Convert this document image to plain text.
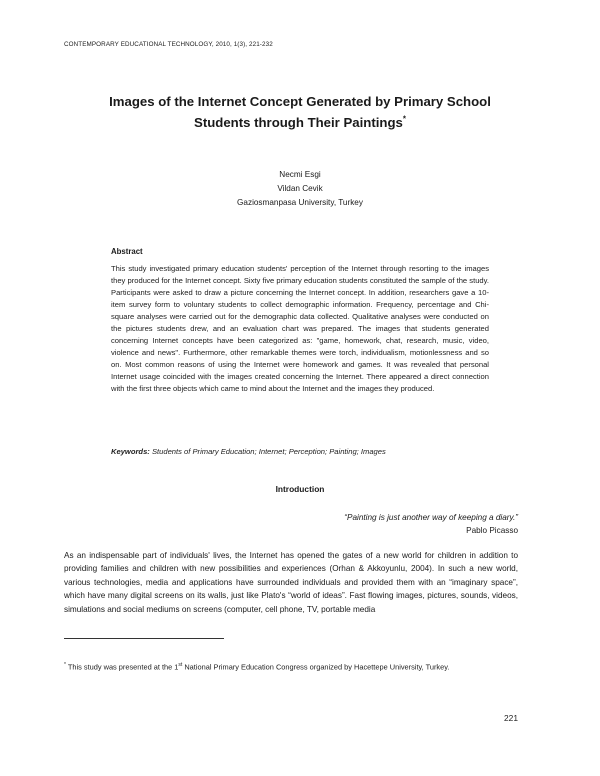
CONTEMPORARY EDUCATIONAL TECHNOLOGY, 2010, 1(3), 221-232
Images of the Internet Concept Generated by Primary School
Students through Their Paintings*
Necmi Esgi
Vildan Cevik
Gaziosmanpasa University, Turkey
Abstract
This study investigated primary education students' perception of the Internet through resorting to the images they produced for the Internet concept. Sixty five primary education students constituted the sample of the study. Participants were asked to draw a picture concerning the Internet concept. In addition, researchers gave a 10-item survey form to voluntary students to collect demographic information. Frequency, percentage and Chi-square analyses were carried out for the demographic data collected. Qualitative analyses were conducted on the pictures students drew, and an evaluation chart was prepared. The images that students generated concerning Internet concepts have been categorized as: "game, homework, chat, research, music, video, violence and news". Furthermore, other remarkable themes were torch, individualism, motionlessness and so on. Most common reasons of using the Internet were homework and games. It was revealed that personal Internet usage coincided with the images created concerning the Internet. There appeared a direct connection with the first three objects which came to mind about the Internet and the images they produced.
Keywords: Students of Primary Education; Internet; Perception; Painting; Images
Introduction
“Painting is just another way of keeping a diary.”
Pablo Picasso
As an indispensable part of individuals' lives, the Internet has opened the gates of a new world for children in addition to providing families and children with new possibilities and experiences (Orhan & Akkoyunlu, 2004). In such a new world, various technologies, media and applications have surrounded individuals and provided them with an “imaginary space”, which have many digital screens on its walls, just like Plato's “world of ideas”. Fast flowing images, pictures, sounds, videos, simulations and social mediums on screens (computer, cell phone, TV, portable media
* This study was presented at the 1st National Primary Education Congress organized by Hacettepe University, Turkey.
221
